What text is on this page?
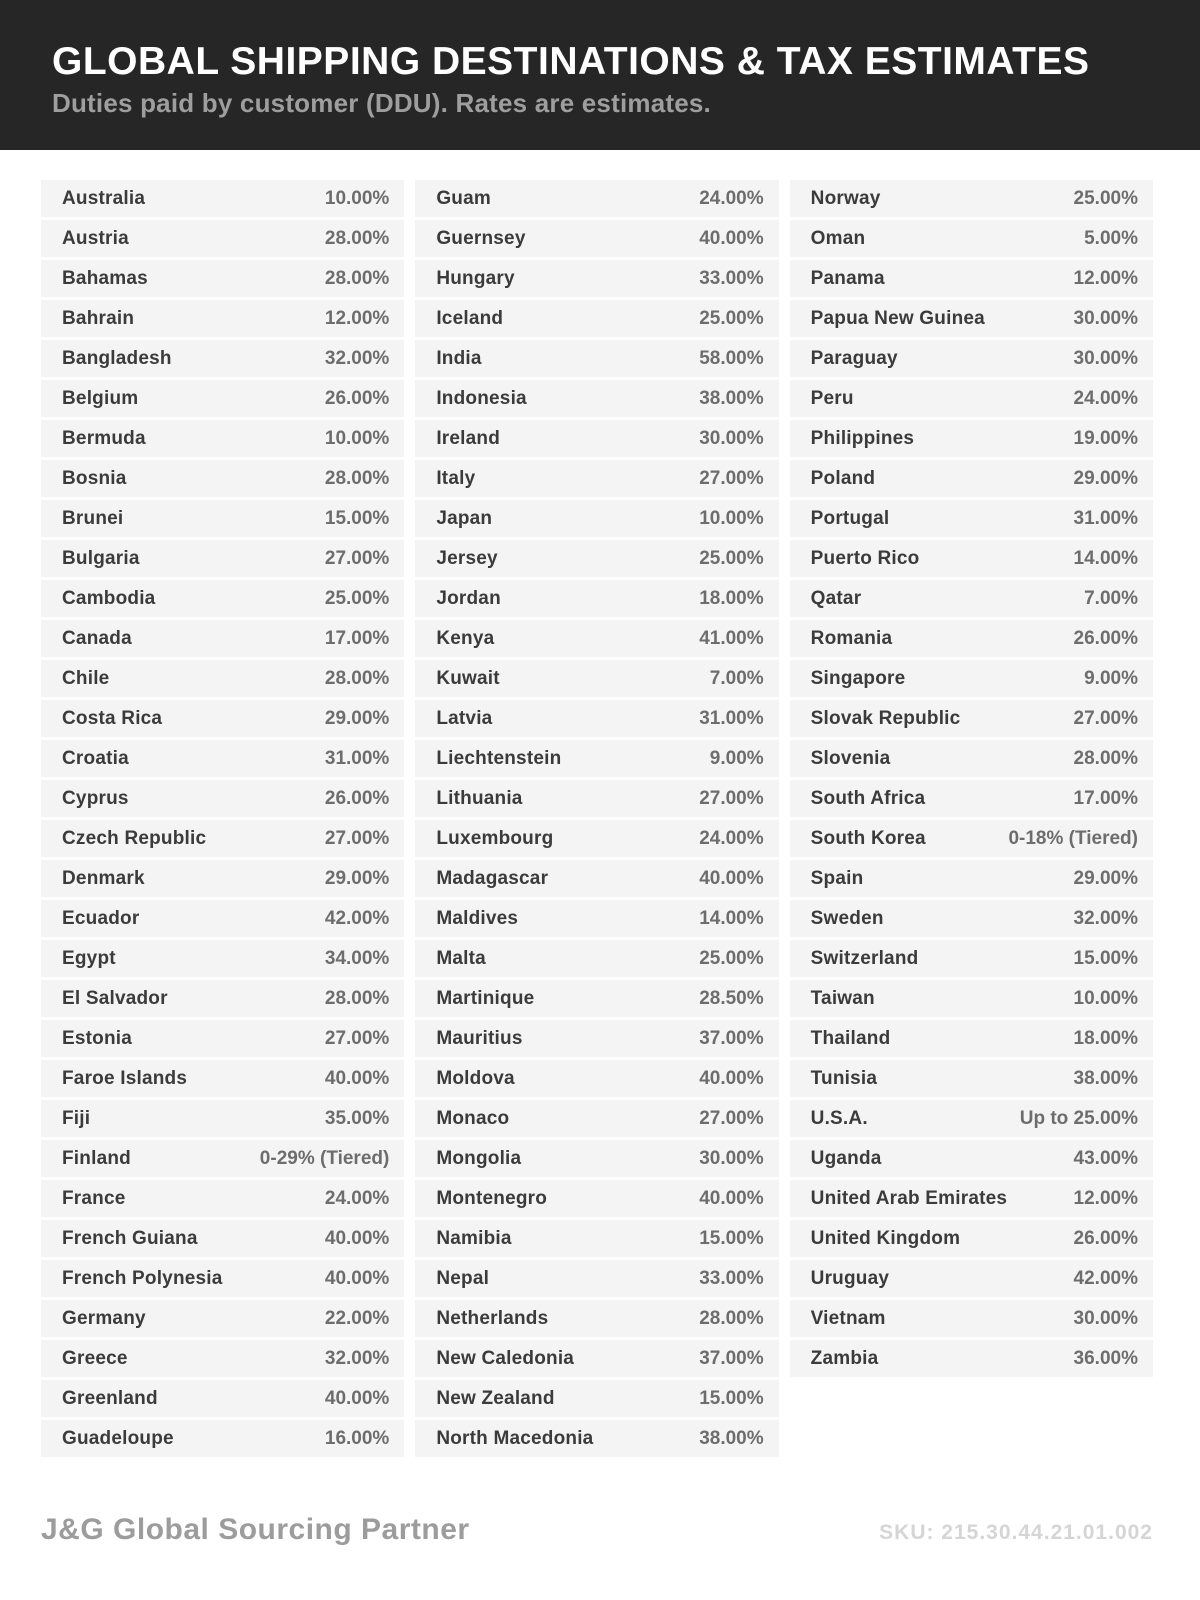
GLOBAL SHIPPING DESTINATIONS & TAX ESTIMATES
Duties paid by customer (DDU). Rates are estimates.
Australia	10.00%
Austria	28.00%
Bahamas	28.00%
Bahrain	12.00%
Bangladesh	32.00%
Belgium	26.00%
Bermuda	10.00%
Bosnia	28.00%
Brunei	15.00%
Bulgaria	27.00%
Cambodia	25.00%
Canada	17.00%
Chile	28.00%
Costa Rica	29.00%
Croatia	31.00%
Cyprus	26.00%
Czech Republic	27.00%
Denmark	29.00%
Ecuador	42.00%
Egypt	34.00%
El Salvador	28.00%
Estonia	27.00%
Faroe Islands	40.00%
Fiji	35.00%
Finland	0-29% (Tiered)
France	24.00%
French Guiana	40.00%
French Polynesia	40.00%
Germany	22.00%
Greece	32.00%
Greenland	40.00%
Guadeloupe	16.00%
Guam	24.00%
Guernsey	40.00%
Hungary	33.00%
Iceland	25.00%
India	58.00%
Indonesia	38.00%
Ireland	30.00%
Italy	27.00%
Japan	10.00%
Jersey	25.00%
Jordan	18.00%
Kenya	41.00%
Kuwait	7.00%
Latvia	31.00%
Liechtenstein	9.00%
Lithuania	27.00%
Luxembourg	24.00%
Madagascar	40.00%
Maldives	14.00%
Malta	25.00%
Martinique	28.50%
Mauritius	37.00%
Moldova	40.00%
Monaco	27.00%
Mongolia	30.00%
Montenegro	40.00%
Namibia	15.00%
Nepal	33.00%
Netherlands	28.00%
New Caledonia	37.00%
New Zealand	15.00%
North Macedonia	38.00%
Norway	25.00%
Oman	5.00%
Panama	12.00%
Papua New Guinea	30.00%
Paraguay	30.00%
Peru	24.00%
Philippines	19.00%
Poland	29.00%
Portugal	31.00%
Puerto Rico	14.00%
Qatar	7.00%
Romania	26.00%
Singapore	9.00%
Slovak Republic	27.00%
Slovenia	28.00%
South Africa	17.00%
South Korea	0-18% (Tiered)
Spain	29.00%
Sweden	32.00%
Switzerland	15.00%
Taiwan	10.00%
Thailand	18.00%
Tunisia	38.00%
U.S.A.	Up to 25.00%
Uganda	43.00%
United Arab Emirates	12.00%
United Kingdom	26.00%
Uruguay	42.00%
Vietnam	30.00%
Zambia	36.00%
J&G Global Sourcing Partner	SKU: 215.30.44.21.01.002
